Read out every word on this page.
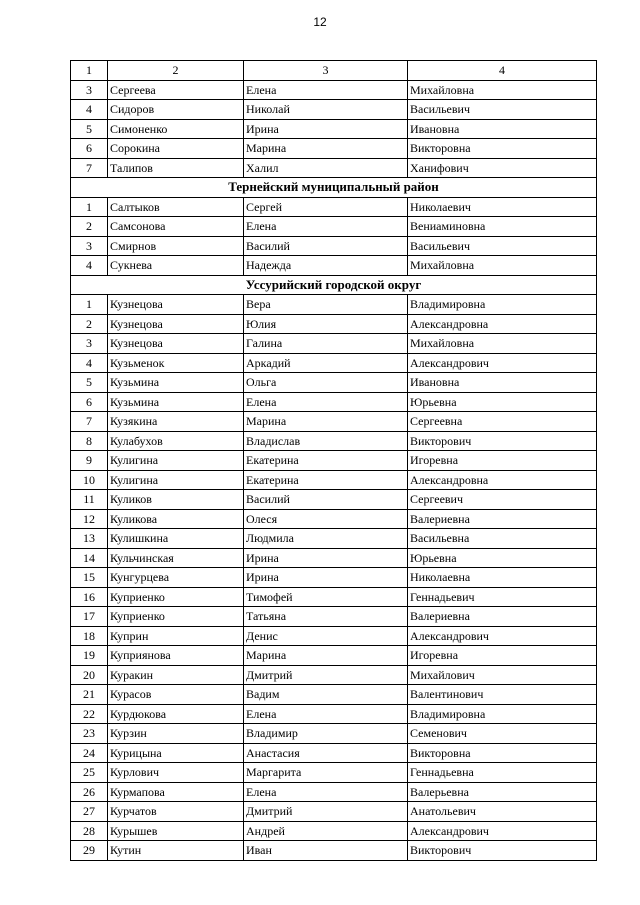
12
1	2	3	4
3	Сергеева	Елена	Михайловна
4	Сидоров	Николай	Васильевич
5	Симоненко	Ирина	Ивановна
6	Сорокина	Марина	Викторовна
7	Талипов	Халил	Ханифович
Тернейский муниципальный район			
1	Салтыков	Сергей	Николаевич
2	Самсонова	Елена	Вениаминовна
3	Смирнов	Василий	Васильевич
4	Сукнева	Надежда	Михайловна
Уссурийский городской округ			
1	Кузнецова	Вера	Владимировна
2	Кузнецова	Юлия	Александровна
3	Кузнецова	Галина	Михайловна
4	Кузьменок	Аркадий	Александрович
5	Кузьмина	Ольга	Ивановна
6	Кузьмина	Елена	Юрьевна
7	Кузякина	Марина	Сергеевна
8	Кулабухов	Владислав	Викторович
9	Кулигина	Екатерина	Игоревна
10	Кулигина	Екатерина	Александровна
11	Куликов	Василий	Сергеевич
12	Куликова	Олеся	Валериевна
13	Кулишкина	Людмила	Васильевна
14	Кульчинская	Ирина	Юрьевна
15	Кунгурцева	Ирина	Николаевна
16	Куприенко	Тимофей	Геннадьевич
17	Куприенко	Татьяна	Валериевна
18	Куприн	Денис	Александрович
19	Куприянова	Марина	Игоревна
20	Куракин	Дмитрий	Михайлович
21	Курасов	Вадим	Валентинович
22	Курдюкова	Елена	Владимировна
23	Курзин	Владимир	Семенович
24	Курицына	Анастасия	Викторовна
25	Курлович	Маргарита	Геннадьевна
26	Курмапова	Елена	Валерьевна
27	Курчатов	Дмитрий	Анатольевич
28	Курышев	Андрей	Александрович
29	Кутин	Иван	Викторович
